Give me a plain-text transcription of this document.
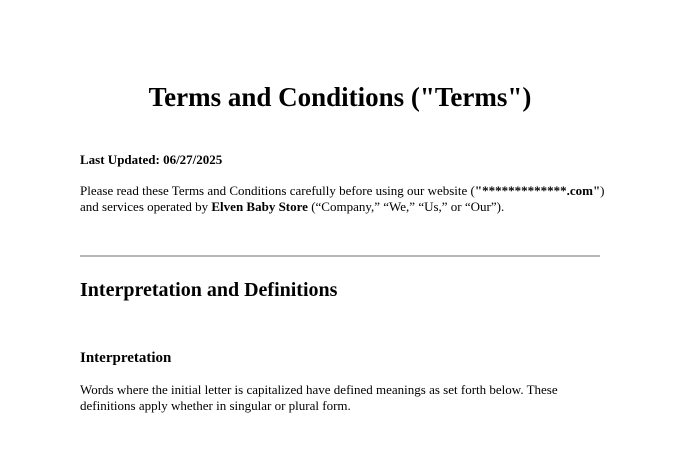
Terms and Conditions ("Terms")

Last Updated: 06/27/2025

Please read these Terms and Conditions carefully before using our website ("*************.com") and services operated by Elven Baby Store (“Company,” “We,” “Us,” or “Our”).

Interpretation and Definitions
Interpretation

Words where the initial letter is capitalized have defined meanings as set forth below. These definitions apply whether in singular or plural form.
